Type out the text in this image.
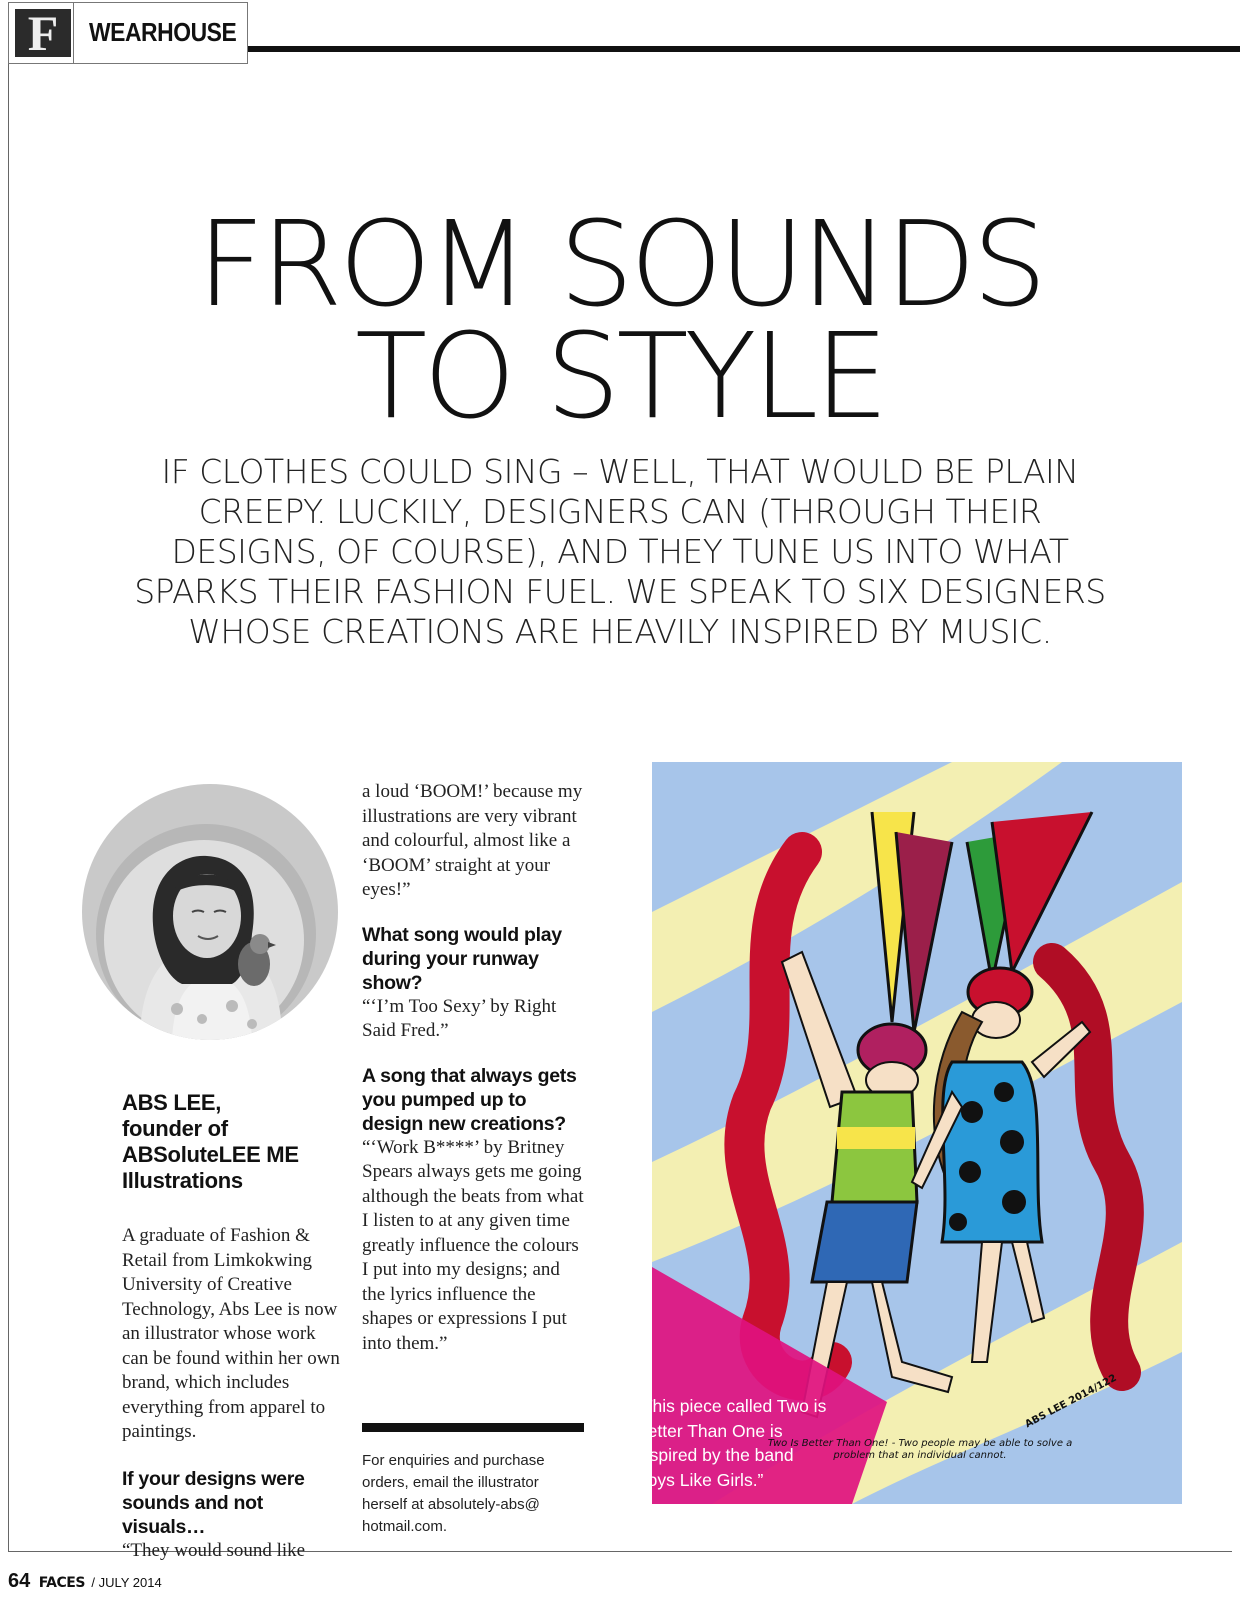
F	WEARHOUSE
FROM SOUNDS
TO STYLE
IF CLOTHES COULD SING – WELL, THAT WOULD BE PLAIN
CREEPY. LUCKILY, DESIGNERS CAN (THROUGH THEIR
DESIGNS, OF COURSE), AND THEY TUNE US INTO WHAT
SPARKS THEIR FASHION FUEL. WE SPEAK TO SIX DESIGNERS
WHOSE CREATIONS ARE HEAVILY INSPIRED BY MUSIC.
ABS LEE,
founder of
ABSoluteLEE ME
Illustrations

A graduate of Fashion & Retail from Limkokwing University of Creative Technology, Abs Lee is now an illustrator whose work can be found within her own brand, which includes everything from apparel to paintings.

If your designs were sounds and not visuals…

“They would sound like

a loud ‘BOOM!’ because my illustrations are very vibrant and colourful, almost like a ‘BOOM’ straight at your eyes!”

What song would play during your runway show?

“‘I’m Too Sexy’ by Right Said Fred.”

A song that always gets you pumped up to design new creations?

“‘Work B****’ by Britney Spears always gets me going although the beats from what I listen to at any given time greatly influence the colours I put into my designs; and the lyrics influence the shapes or expressions I put into them.”

For enquiries and purchase orders, email the illustrator herself at absolutely-abs@ hotmail.com.
Two Is Better Than One! - Two people may be able to solve a problem that an individual cannot.
ABS LEE 2014/122
“This piece called Two is Better Than One is inspired by the band Boys Like Girls.”
64 FACES / JULY 2014
